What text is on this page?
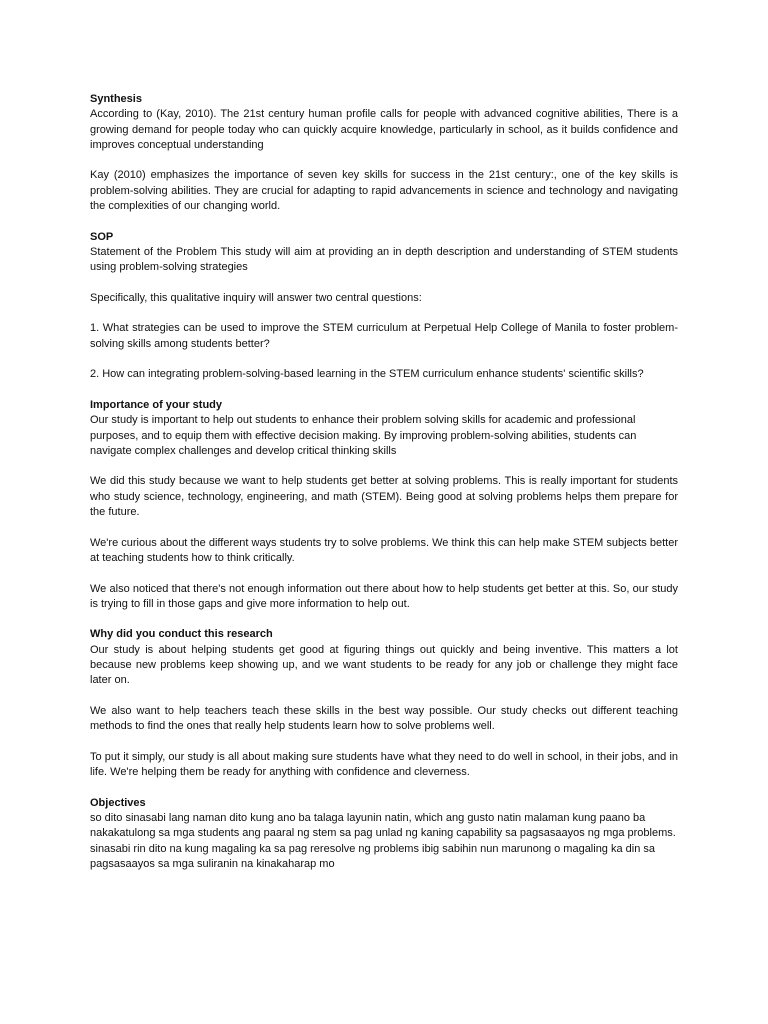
Synthesis

According to (Kay, 2010). The 21st century human profile calls for people with advanced cognitive abilities, There is a growing demand for people today who can quickly acquire knowledge, particularly in school, as it builds confidence and improves conceptual understanding

Kay (2010) emphasizes the importance of seven key skills for success in the 21st century:, one of the key skills is problem-solving abilities. They are crucial for adapting to rapid advancements in science and technology and navigating the complexities of our changing world.

SOP

Statement of the Problem This study will aim at providing an in depth description and understanding of STEM students using problem-solving strategies

Specifically, this qualitative inquiry will answer two central questions:

1. What strategies can be used to improve the STEM curriculum at Perpetual Help College of Manila to foster problem-solving skills among students better?

2. How can integrating problem-solving-based learning in the STEM curriculum enhance students' scientific skills?

Importance of your study

Our study is important to help out students to enhance their problem solving skills for academic and professional purposes, and to equip them with effective decision making. By improving problem-solving abilities, students can navigate complex challenges and develop critical thinking skills

We did this study because we want to help students get better at solving problems. This is really important for students who study science, technology, engineering, and math (STEM). Being good at solving problems helps them prepare for the future.

We're curious about the different ways students try to solve problems. We think this can help make STEM subjects better at teaching students how to think critically.

We also noticed that there's not enough information out there about how to help students get better at this. So, our study is trying to fill in those gaps and give more information to help out.

Why did you conduct this research

Our study is about helping students get good at figuring things out quickly and being inventive. This matters a lot because new problems keep showing up, and we want students to be ready for any job or challenge they might face later on.

We also want to help teachers teach these skills in the best way possible. Our study checks out different teaching methods to find the ones that really help students learn how to solve problems well.

To put it simply, our study is all about making sure students have what they need to do well in school, in their jobs, and in life. We're helping them be ready for anything with confidence and cleverness.

Objectives

so dito sinasabi lang naman dito kung ano ba talaga layunin natin, which ang gusto natin malaman kung paano ba nakakatulong sa mga students ang paaral ng stem sa pag unlad ng kaning capability sa pagsasaayos ng mga problems. sinasabi rin dito na kung magaling ka sa pag reresolve ng problems ibig sabihin nun marunong o magaling ka din sa pagsasaayos sa mga suliranin na kinakaharap mo
